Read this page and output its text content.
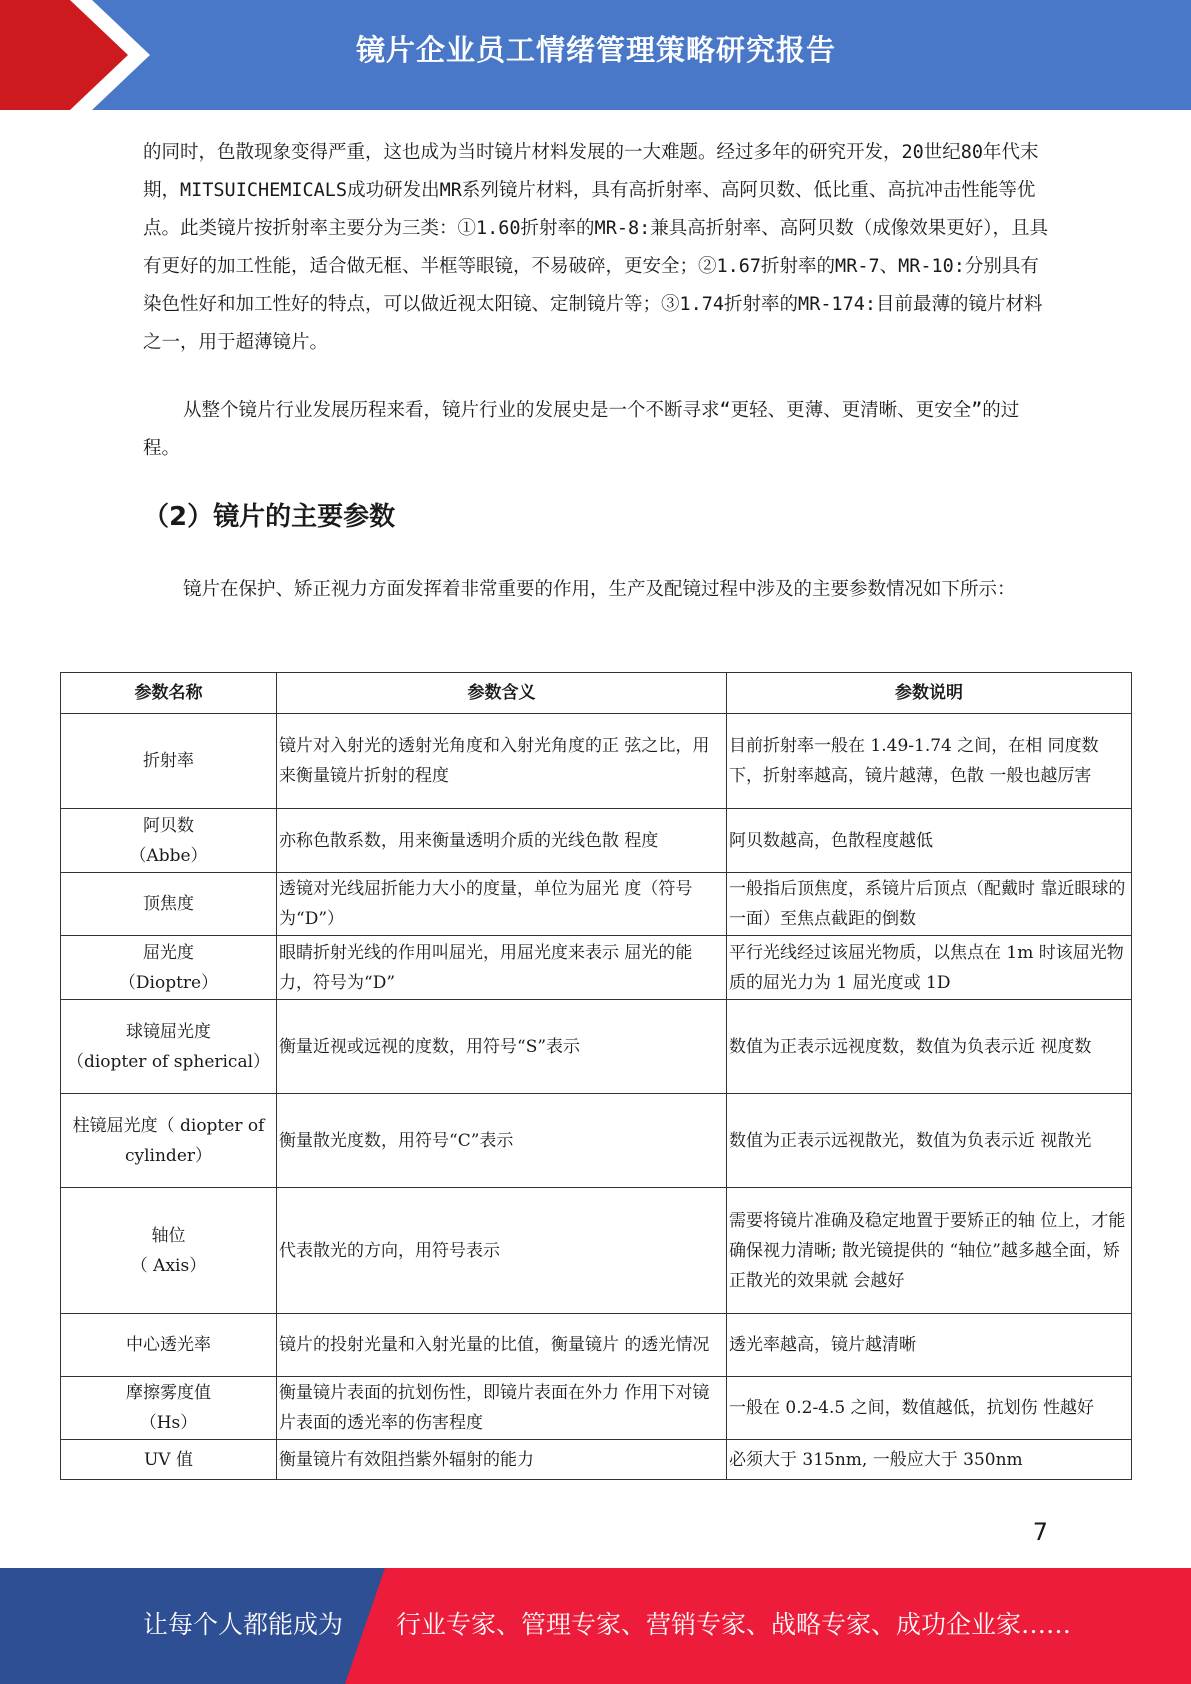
镜片企业员工情绪管理策略研究报告

的同时，色散现象变得严重，这也成为当时镜片材料发展的一大难题。经过多年的研究开发，20世纪80年代末期，MITSUICHEMICALS成功研发出MR系列镜片材料，具有高折射率、高阿贝数、低比重、高抗冲击性能等优点。此类镜片按折射率主要分为三类：①1.60折射率的MR-8:兼具高折射率、高阿贝数（成像效果更好），且具有更好的加工性能，适合做无框、半框等眼镜，不易破碎，更安全；②1.67折射率的MR-7、MR-10:分别具有染色性好和加工性好的特点，可以做近视太阳镜、定制镜片等；③1.74折射率的MR-174:目前最薄的镜片材料之一，用于超薄镜片。

从整个镜片行业发展历程来看，镜片行业的发展史是一个不断寻求“更轻、更薄、更清晰、更安全”的过程。

（2）镜片的主要参数

镜片在保护、矫正视力方面发挥着非常重要的作用，生产及配镜过程中涉及的主要参数情况如下所示：

参数名称	参数含义	参数说明

折射率	镜片对入射光的透射光角度和入射光角度的正 弦之比，用来衡量镜片折射的程度	目前折射率一般在 1.49-1.74 之间，在相 同度数下，折射率越高，镜片越薄，色散 一般也越厉害

阿贝数
（Abbe）	亦称色散系数，用来衡量透明介质的光线色散 程度	阿贝数越高，色散程度越低

顶焦度	透镜对光线屈折能力大小的度量，单位为屈光 度（符号为“D”）	一般指后顶焦度，系镜片后顶点（配戴时 靠近眼球的一面）至焦点截距的倒数

屈光度
（Dioptre）	眼睛折射光线的作用叫屈光，用屈光度来表示 屈光的能力，符号为“D”	平行光线经过该屈光物质，以焦点在 1m 时该屈光物质的屈光力为 1 屈光度或 1D

球镜屈光度
（diopter of spherical）	衡量近视或远视的度数，用符号“S”表示	数值为正表示远视度数，数值为负表示近 视度数

柱镜屈光度（ diopter of
cylinder）	衡量散光度数，用符号“C”表示	数值为正表示远视散光，数值为负表示近 视散光

轴位
（ Axis）	代表散光的方向，用符号表示	需要将镜片准确及稳定地置于要矫正的轴 位上，才能确保视力清晰; 散光镜提供的 “轴位”越多越全面，矫正散光的效果就 会越好

中心透光率	镜片的投射光量和入射光量的比值，衡量镜片 的透光情况	透光率越高，镜片越清晰

摩擦雾度值
（Hs）	衡量镜片表面的抗划伤性，即镜片表面在外力 作用下对镜片表面的透光率的伤害程度	一般在 0.2-4.5 之间，数值越低，抗划伤 性越好

UV 值	衡量镜片有效阻挡紫外辐射的能力	必须大于 315nm, 一般应大于 350nm
7
让每个人都能成为 行业专家、管理专家、营销专家、战略专家、成功企业家……
